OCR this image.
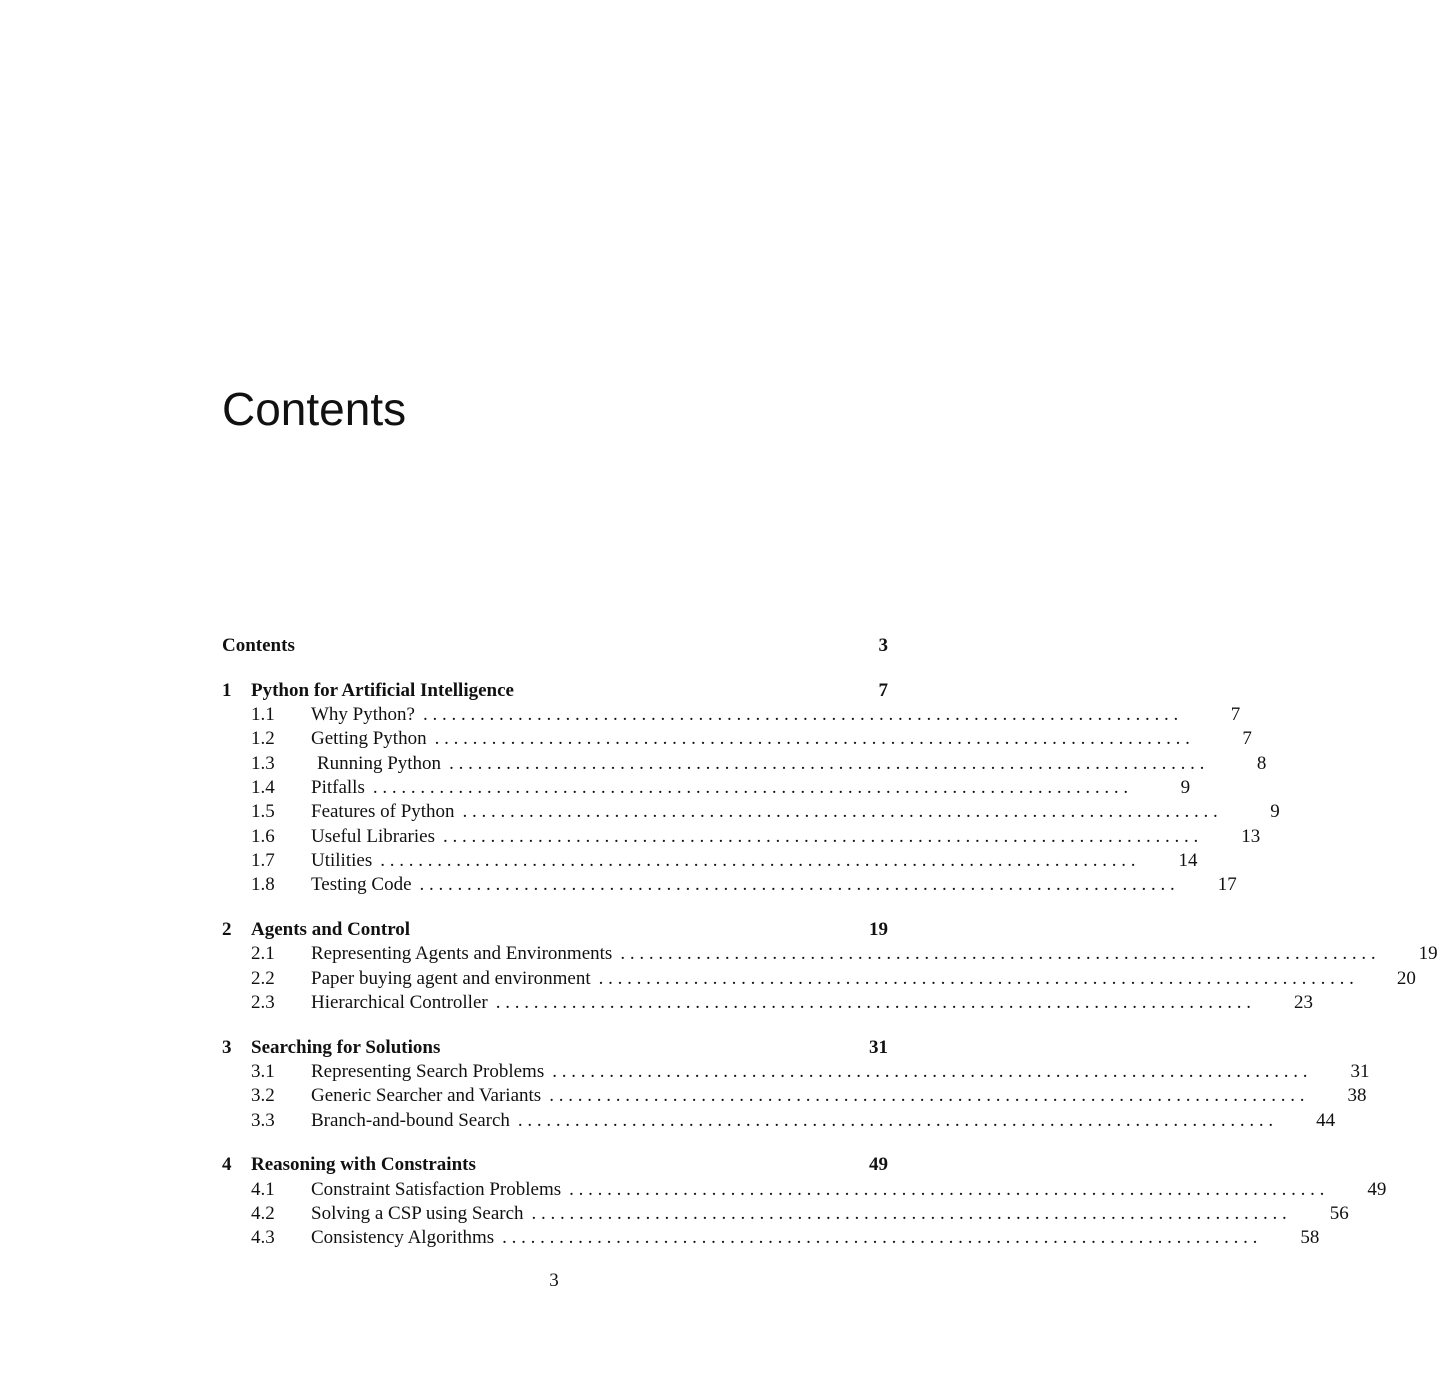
Contents
Contents	3
1	Python for Artificial Intelligence	7
1.1	Why Python? . . . . . . . . . . . . . . . . . . . . . . . . . . . . . . . . . . . . . . . . . . . . . . . . . . . . . . . . . . . . . . . . . . . . . . . . . . . . . . . .	7
1.2	Getting Python . . . . . . . . . . . . . . . . . . . . . . . . . . . . . . . . . . . . . . . . . . . . . . . . . . . . . . . . . . . . . . . . . . . . . . . . . . . . . . . .	7
1.3	Running Python . . . . . . . . . . . . . . . . . . . . . . . . . . . . . . . . . . . . . . . . . . . . . . . . . . . . . . . . . . . . . . . . . . . . . . . . . . . . . . . .	8
1.4	Pitfalls . . . . . . . . . . . . . . . . . . . . . . . . . . . . . . . . . . . . . . . . . . . . . . . . . . . . . . . . . . . . . . . . . . . . . . . . . . . . . . . .	9
1.5	Features of Python . . . . . . . . . . . . . . . . . . . . . . . . . . . . . . . . . . . . . . . . . . . . . . . . . . . . . . . . . . . . . . . . . . . . . . . . . . . . . . . .	9
1.6	Useful Libraries . . . . . . . . . . . . . . . . . . . . . . . . . . . . . . . . . . . . . . . . . . . . . . . . . . . . . . . . . . . . . . . . . . . . . . . . . . . . . . . . 13
1.7	Utilities . . . . . . . . . . . . . . . . . . . . . . . . . . . . . . . . . . . . . . . . . . . . . . . . . . . . . . . . . . . . . . . . . . . . . . . . . . . . . . . . 14
1.8	Testing Code . . . . . . . . . . . . . . . . . . . . . . . . . . . . . . . . . . . . . . . . . . . . . . . . . . . . . . . . . . . . . . . . . . . . . . . . . . . . . . . . 17
2	Agents and Control	19
2.1	Representing Agents and Environments . . . . . . . . . . . . . . . . . . . . . . . . . . . . . . . . . . . . . . . . . . . . . . . . . . . . . . . . . . . . . . . . . . . . . . . . . . . . . . . . 19
2.2	Paper buying agent and environment . . . . . . . . . . . . . . . . . . . . . . . . . . . . . . . . . . . . . . . . . . . . . . . . . . . . . . . . . . . . . . . . . . . . . . . . . . . . . . . . 20
2.3	Hierarchical Controller . . . . . . . . . . . . . . . . . . . . . . . . . . . . . . . . . . . . . . . . . . . . . . . . . . . . . . . . . . . . . . . . . . . . . . . . . . . . . . . . 23
3	Searching for Solutions	31
3.1	Representing Search Problems . . . . . . . . . . . . . . . . . . . . . . . . . . . . . . . . . . . . . . . . . . . . . . . . . . . . . . . . . . . . . . . . . . . . . . . . . . . . . . . . 31
3.2	Generic Searcher and Variants . . . . . . . . . . . . . . . . . . . . . . . . . . . . . . . . . . . . . . . . . . . . . . . . . . . . . . . . . . . . . . . . . . . . . . . . . . . . . . . . 38
3.3	Branch-and-bound Search . . . . . . . . . . . . . . . . . . . . . . . . . . . . . . . . . . . . . . . . . . . . . . . . . . . . . . . . . . . . . . . . . . . . . . . . . . . . . . . . 44
4	Reasoning with Constraints	49
4.1	Constraint Satisfaction Problems . . . . . . . . . . . . . . . . . . . . . . . . . . . . . . . . . . . . . . . . . . . . . . . . . . . . . . . . . . . . . . . . . . . . . . . . . . . . . . . . 49
4.2	Solving a CSP using Search . . . . . . . . . . . . . . . . . . . . . . . . . . . . . . . . . . . . . . . . . . . . . . . . . . . . . . . . . . . . . . . . . . . . . . . . . . . . . . . . 56
4.3	Consistency Algorithms . . . . . . . . . . . . . . . . . . . . . . . . . . . . . . . . . . . . . . . . . . . . . . . . . . . . . . . . . . . . . . . . . . . . . . . . . . . . . . . . 58
3
